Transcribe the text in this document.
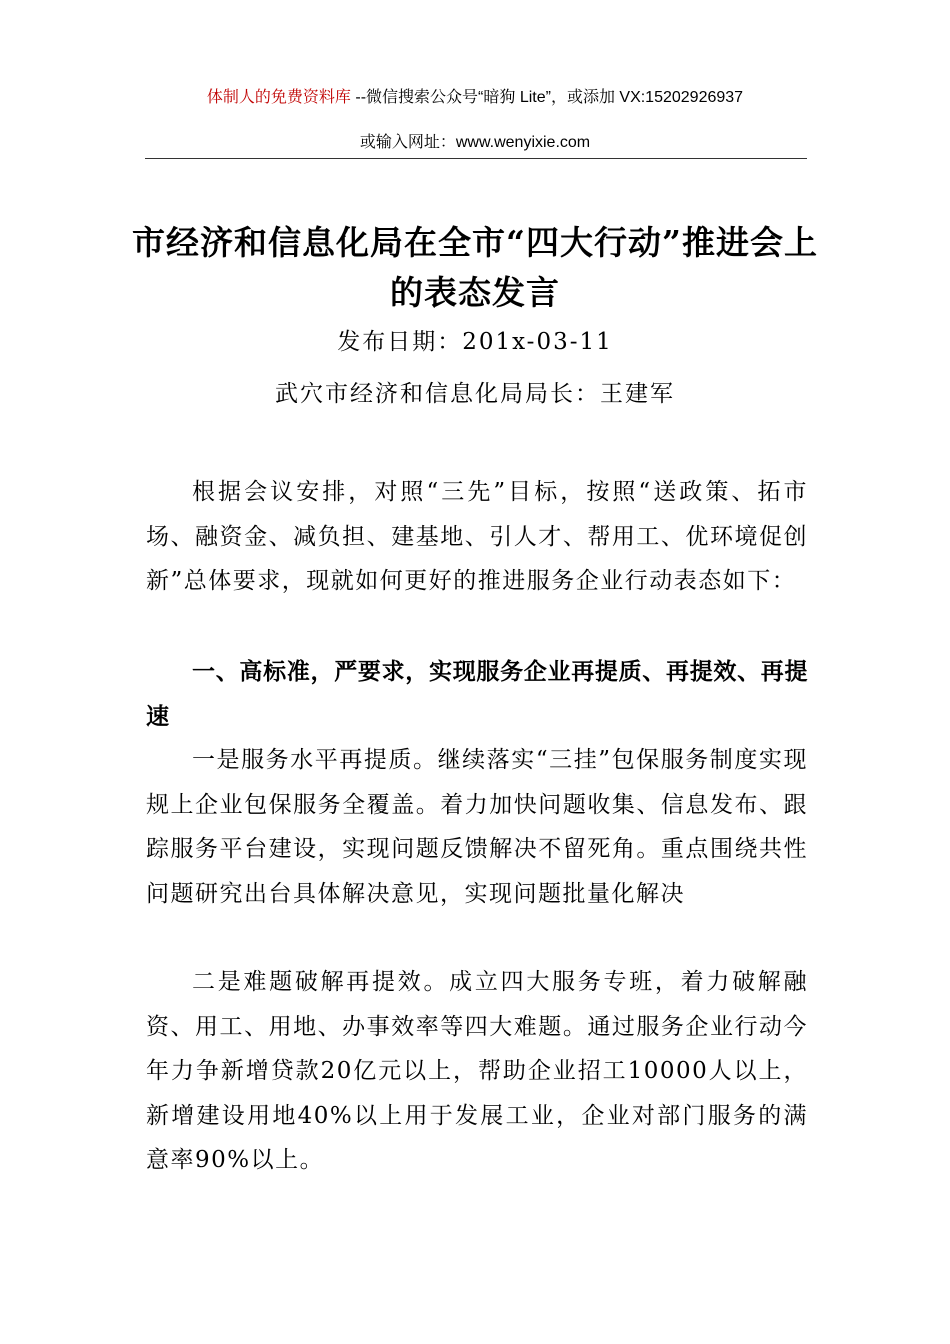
体制人的免费资料库 --微信搜索公众号“暗狗 Lite”，或添加 VX:15202926937
或输入网址：www.wenyixie.com
市经济和信息化局在全市“四大行动”推进会上的表态发言
发布日期：201x-03-11
武穴市经济和信息化局局长：王建军
根据会议安排，对照“三先”目标，按照“送政策、拓市场、融资金、减负担、建基地、引人才、帮用工、优环境促创新”总体要求，现就如何更好的推进服务企业行动表态如下：
一、高标准，严要求，实现服务企业再提质、再提效、再提速
一是服务水平再提质。继续落实“三挂”包保服务制度实现规上企业包保服务全覆盖。着力加快问题收集、信息发布、跟踪服务平台建设，实现问题反馈解决不留死角。重点围绕共性问题研究出台具体解决意见，实现问题批量化解决
二是难题破解再提效。成立四大服务专班，着力破解融资、用工、用地、办事效率等四大难题。通过服务企业行动今年力争新增贷款20亿元以上，帮助企业招工10000人以上，新增建设用地40%以上用于发展工业，企业对部门服务的满意率90%以上。
